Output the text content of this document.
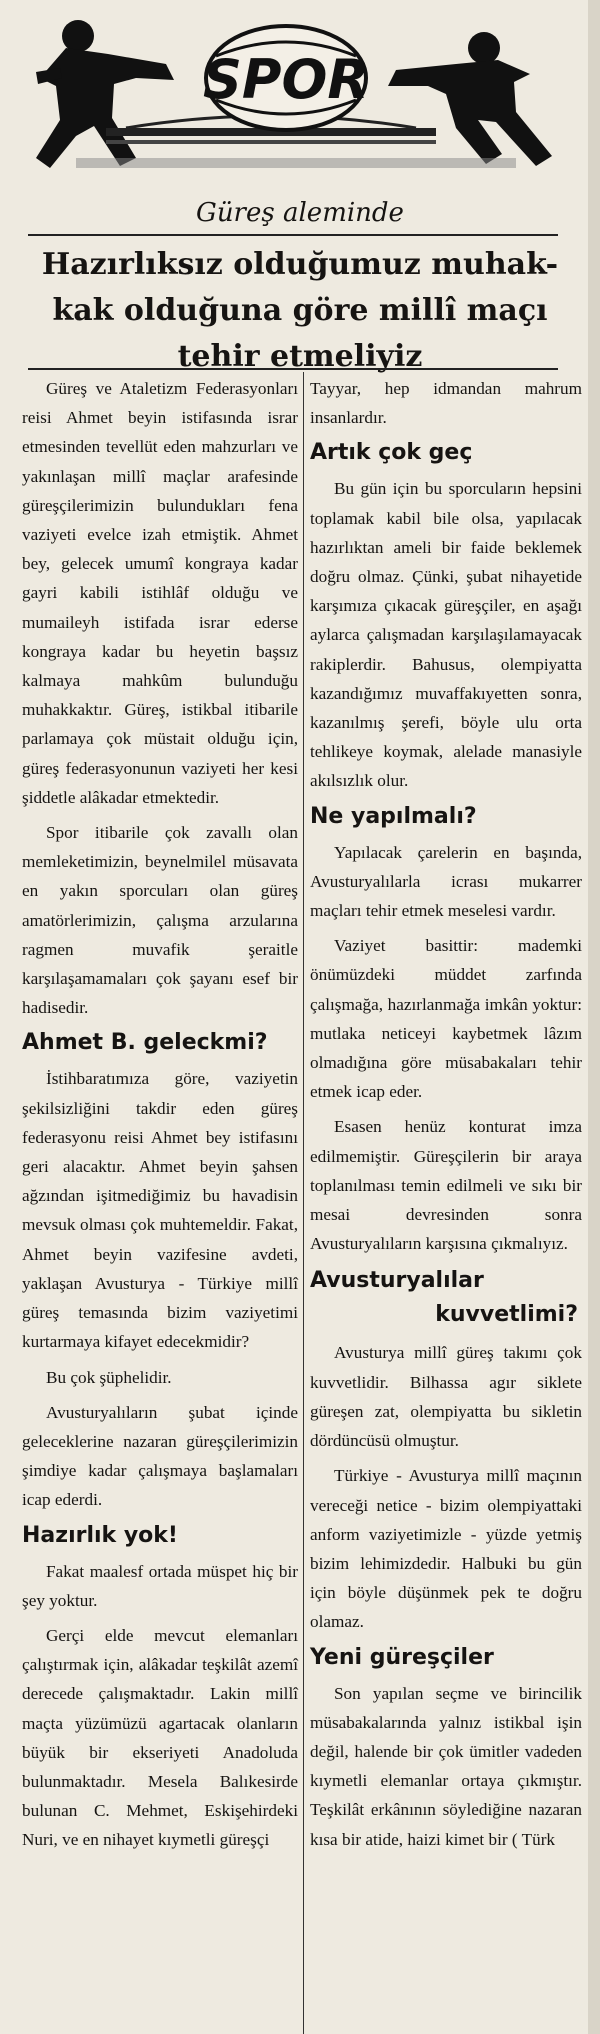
SPOR
Güreş aleminde
Hazırlıksız olduğumuz muhak-
kak olduğuna göre millî maçı
tehir etmeliyiz

Güreş ve Ataletizm Federasyonları reisi Ahmet beyin istifasında israr etmesinden tevellüt eden mahzurları ve yakınlaşan millî maçlar arafesinde güreşçilerimizin bulundukları fena vaziyeti evelce izah etmiştik. Ahmet bey, gelecek umumî kongraya kadar gayri kabili istihlâf olduğu ve mumaileyh istifada israr ederse kongraya kadar bu heyetin başsız kalmaya mahkûm bulunduğu muhakkaktır. Güreş, istikbal itibarile parlamaya çok müstait olduğu için, güreş federasyonunun vaziyeti her kesi şiddetle alâkadar etmektedir.

Spor itibarile çok zavallı olan memleketimizin, beynelmilel müsavata en yakın sporcuları olan güreş amatörlerimizin, çalışma arzularına ragmen muvafik şeraitle karşılaşamamaları çok şayanı esef bir hadisedir.

Ahmet B. geleckmi?

İstihbaratımıza göre, vaziyetin şekilsizliğini takdir eden güreş federasyonu reisi Ahmet bey istifasını geri alacaktır. Ahmet beyin şahsen ağzından işitmediğimiz bu havadisin mevsuk olması çok muhtemeldir. Fakat, Ahmet beyin vazifesine avdeti, yaklaşan Avusturya - Türkiye millî güreş temasında bizim vaziyetimi kurtarmaya kifayet edecekmidir?

Bu çok şüphelidir.

Avusturyalıların şubat içinde geleceklerine nazaran güreşçilerimizin şimdiye kadar çalışmaya başlamaları icap ederdi.

Hazırlık yok!

Fakat maalesf ortada müspet hiç bir şey yoktur.

Gerçi elde mevcut elemanları çalıştırmak için, alâkadar teşkilât azemî derecede çalışmaktadır. Lakin millî maçta yüzümüzü agartacak olanların büyük bir ekseriyeti Anadoluda bulunmaktadır. Mesela Balıkesirde bulunan C. Mehmet, Eskişehirdeki Nuri, ve en nihayet kıymetli güreşçi

Tayyar, hep idmandan mahrum insanlardır.

Artık çok geç

Bu gün için bu sporcuların hepsini toplamak kabil bile olsa, yapılacak hazırlıktan ameli bir faide beklemek doğru olmaz. Çünki, şubat nihayetide karşımıza çıkacak güreşçiler, en aşağı aylarca çalışmadan karşılaşılamayacak rakiplerdir. Bahusus, olempiyatta kazandığımız muvaffakıyetten sonra, kazanılmış şerefi, böyle ulu orta tehlikeye koymak, alelade manasiyle akılsızlık olur.

Ne yapılmalı?

Yapılacak çarelerin en başında, Avusturyalılarla icrası mukarrer maçları tehir etmek meselesi vardır.

Vaziyet basittir: mademki önümüzdeki müddet zarfında çalışmağa, hazırlanmağa imkân yoktur: mutlaka neticeyi kaybetmek lâzım olmadığına göre müsabakaları tehir etmek icap eder.

Esasen henüz konturat imza edilmemiştir. Güreşçilerin bir araya toplanılması temin edilmeli ve sıkı bir mesai devresinden sonra Avusturyalıların karşısına çıkmalıyız.

Avusturyalılar
kuvvetlimi?

Avusturya millî güreş takımı çok kuvvetlidir. Bilhassa agır siklete güreşen zat, olempiyatta bu sikletin dördüncüsü olmuştur.

Türkiye - Avusturya millî maçının vereceği netice - bizim olempiyattaki anform vaziyetimizle - yüzde yetmiş bizim lehimizdedir. Halbuki bu gün için böyle düşünmek pek te doğru olamaz.

Yeni güreşçiler

Son yapılan seçme ve birincilik müsabakalarında yalnız istikbal işin değil, halende bir çok ümitler vadeden kıymetli elemanlar ortaya çıkmıştır. Teşkilât erkânının söylediğine nazaran kısa bir atide, haizi kimet bir ( Türk
